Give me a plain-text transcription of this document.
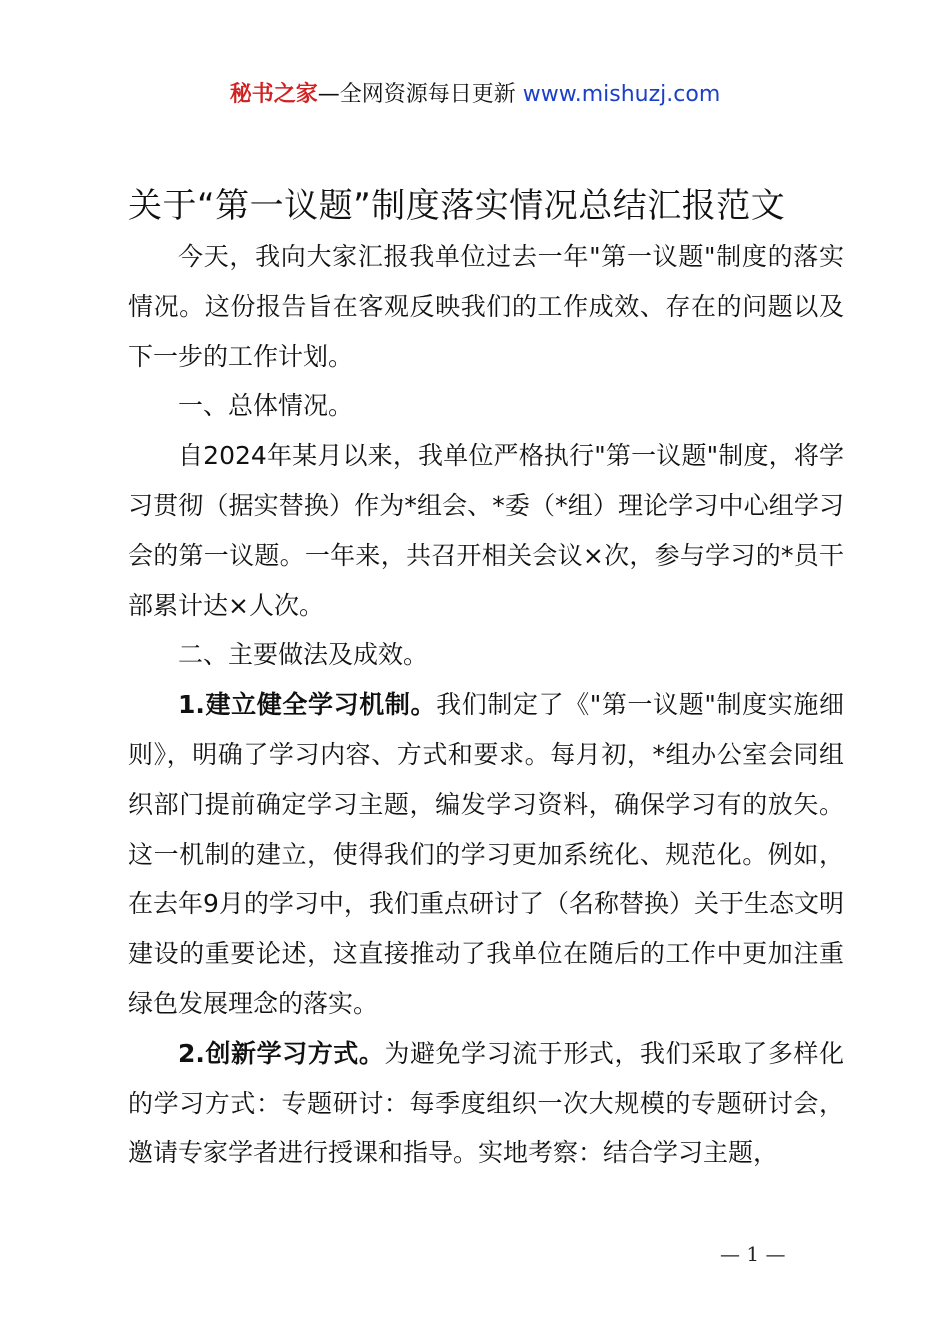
秘书之家—全网资源每日更新 www.mishuzj.com
关于“第一议题”制度落实情况总结汇报范文

今天，我向大家汇报我单位过去一年"第一议题"制度的落实情况。这份报告旨在客观反映我们的工作成效、存在的问题以及下一步的工作计划。

一、总体情况。

自2024年某月以来，我单位严格执行"第一议题"制度，将学习贯彻（据实替换）作为*组会、*委（*组）理论学习中心组学习会的第一议题。一年来，共召开相关会议×次，参与学习的*员干部累计达×人次。

二、主要做法及成效。

1.建立健全学习机制。我们制定了《"第一议题"制度实施细则》，明确了学习内容、方式和要求。每月初，*组办公室会同组织部门提前确定学习主题，编发学习资料，确保学习有的放矢。这一机制的建立，使得我们的学习更加系统化、规范化。例如，在去年9月的学习中，我们重点研讨了（名称替换）关于生态文明建设的重要论述，这直接推动了我单位在随后的工作中更加注重绿色发展理念的落实。

2.创新学习方式。为避免学习流于形式，我们采取了多样化的学习方式：专题研讨：每季度组织一次大规模的专题研讨会，邀请专家学者进行授课和指导。实地考察：结合学习主题，

— 1 —
